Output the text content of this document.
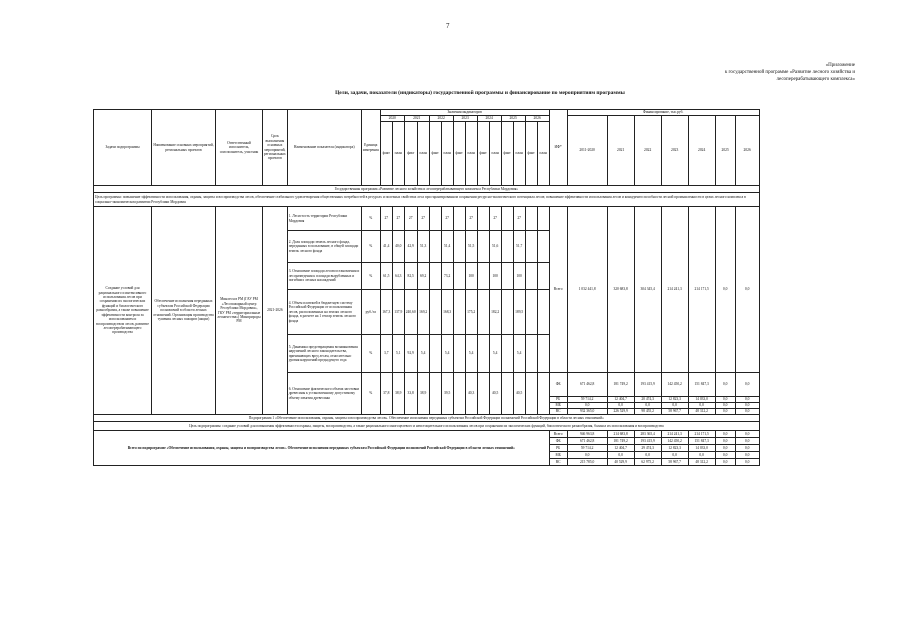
7
«Приложение
к государственной программе «Развитие лесного хозяйства и
лесоперерабатывающего комплекса»
Цели, задачи, показатели (индикаторы) государственной программы и финансирование по мероприятиям программы
Задачи подпрограммы	Наименование основных мероприятий, региональных проектов	Ответственный исполнитель, соисполнитель, участник	Срок выполнения основных мероприятий, региональных проектов	Наименование показателя (индикатора)	Единица измерения	Значения индикаторов														ИФ*	Финансирование, тыс.руб.						
						2020		2021		2022		2023		2024		2025		2026			2011-2020	2021	2022	2023	2024	2025	2026
						факт	план	факт	план	факт	план	факт	план	факт	план	факт	план	факт	план								
Государственная программа «Развитие лесного хозяйства и лесоперерабатывающего комплекса Республики Мордовия»																											
Цель программы: повышение эффективности использования, охраны, защиты и воспроизводства лесов, обеспечение стабильного удовлетворения общественных потребностей в ресурсах и полезных свойствах леса при гарантированном сохранении ресурсно-экологического потенциала лесов; повышение эффективности использования лесов и конкурентоспособности лесной промышленности в целях лесного комплекса в социально-экономическом развитии Республики Мордовия																											
Создание условий для рационального и интенсивного использования лесов при сохранении их экологических функций и биологического разнообразия, а также повышение эффективности контроля за использованием и воспроизводством лесов, развитие лесоперерабатывающего производства	Обеспечение исполнения переданных субъектам Российской Федерации полномочий в области лесных отношений. Организация производства тушения лесных пожаров (акции)	Минлесхоз РМ (ГАУ РМ «Лесопожарный центр Республики Мордовия», ГКУ РМ «территориальные лесничества») Минприроды РМ	2021-2026	1. Лесистость территории Республики Мордовия	%	27	27	27	27		27		27		27		27			Всего	1 032 441,8	320 683,8	304 345,4	214 241,3	214 171,5	0,0	0,0
				2. Доля площади земель лесного фонда, переданных в пользование, в общей площади земель лесного фонда	%	41,4	40,0	42,9	51,3		51,4		51,5		51,6		51,7										
				3. Отношение площади лесовосстановления и лесоразведения к площади вырубленных и погибших лесных насаждений	%	61,5	64,3	82,5	69,2		73,2		100		100		100										
				4. Объем платежей в бюджетную систему Российской Федерации от использования лесов, расположенных на землях лесного фонда, в расчете на 1 гектар земель лесного фонда	руб./га	167,3	137,9	240,60	169,2		168,3		175,2		182,2		189,5										
				5. Динамика предотвращения возникновения нарушений лесного законодательства, причиняющих вред лесам, относительно уровня нарушений предыдущего года	%	3,7	5,1	92,9	5,4		5,4		5,4		5,4		5,4										
				6. Отношение фактического объема заготовки древесины к установленному допустимому объему изъятия древесины	%	37,8	38,9	33,8	38,9		39,5		40,3		40,5		40,5			ФБ	671 462,8	181 749,2	193 415,9	142 450,2	151 847,3	0,0	0,0
																				РБ	59 714,2	12 404,7	20 474,3	12 823,3	14 033,0	0,0	0,0
																				МБ	0,0	0,0	0,0	0,0	0,0	0,0	0,0
																				ВС	932 365,0	226 529,9	98 455,2	58 967,7	48 312,2	0,0	0,0
Подпрограмма 1 «Обеспечение использования, охраны, защиты и воспроизводства лесов». Обеспечение исполнения переданных субъектам Российской Федерации полномочий Российской Федерации в области лесных отношений»																											
Цель подпрограммы: создание условий для повышения эффективности охраны, защиты, воспроизводства, а также рационального многоцелевого и неистощительного использования лесов при сохранении их экологических функций, биологического разнообразия, баланса их использования и воспроизводства																											
Всего по подпрограмме «Обеспечение использования, охраны, защиты и воспроизводства лесов». Обеспечение исполнения переданных субъектам Российской Федерации полномочий Российской Федерации в области лесных отношений»																				Всего	946 963,8	214 683,8	283 365,4	214 241,3	214 171,5	0,0	0,0
																				ФБ	671 462,8	181 749,2	193 415,9	142 450,2	151 847,3	0,0	0,0
																				РБ	59 714,2	12 404,7	29 474,3	12 823,3	14 033,0	0,0	0,0
																				МБ	0,0	0,0	0,0	0,0	0,0	0,0	0,0
																				ВС	215 785,0	40 529,9	62 975,2	58 967,7	48 312,2	0,0	0,0
